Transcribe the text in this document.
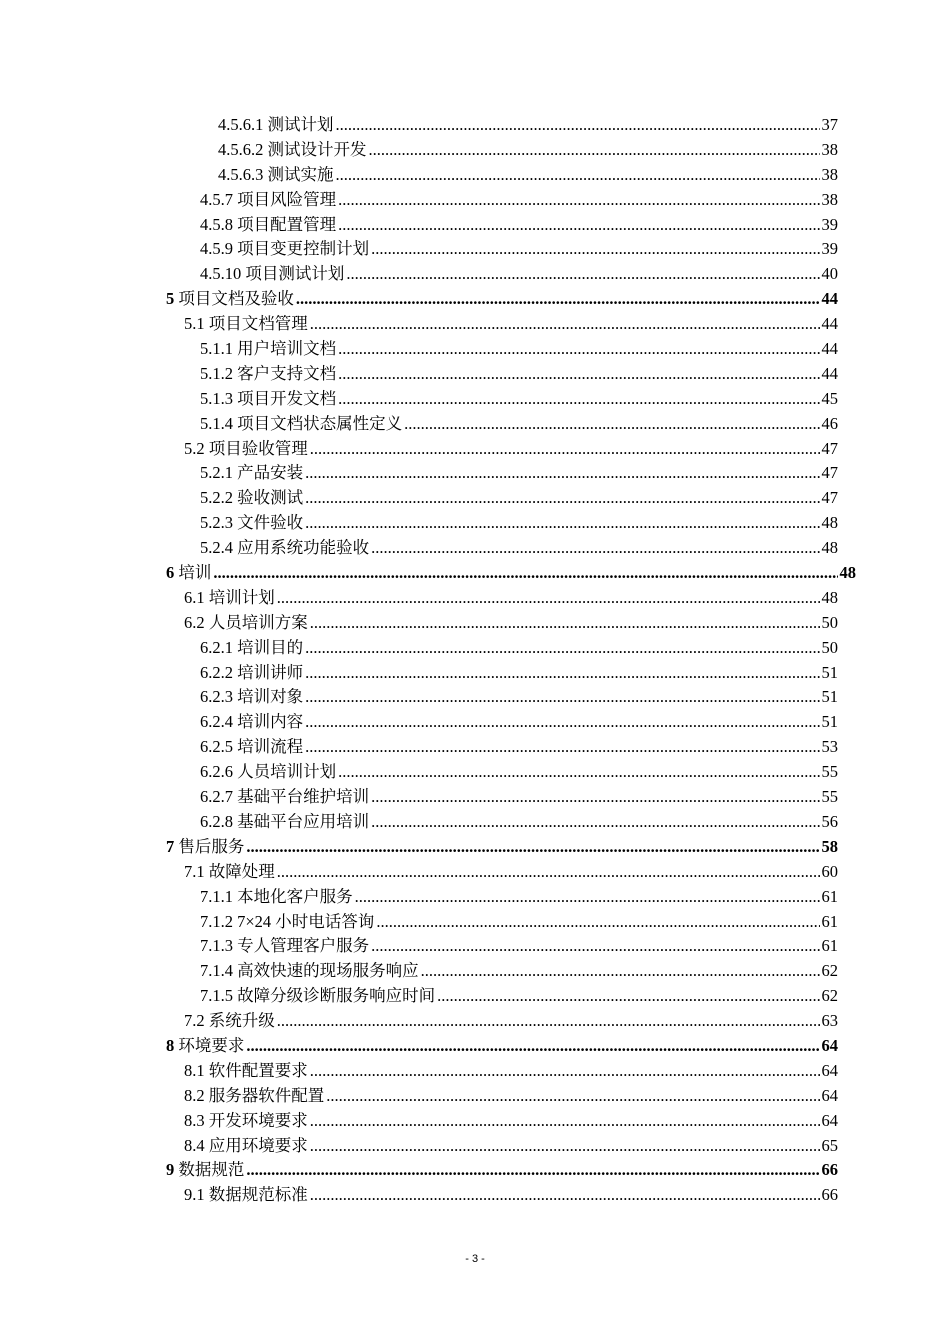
4.5.6.1 测试计划 .....	37
4.5.6.2 测试设计开发 .....	38
4.5.6.3 测试实施 .....	38
4.5.7 项目风险管理 .....	38
4.5.8 项目配置管理 .....	39
4.5.9 项目变更控制计划 .....	39
4.5.10 项目测试计划 .....	40
5 项目文档及验收 .....	44
5.1 项目文档管理 .....	44
5.1.1 用户培训文档 .....	44
5.1.2 客户支持文档 .....	44
5.1.3 项目开发文档 .....	45
5.1.4 项目文档状态属性定义 .....	46
5.2 项目验收管理 .....	47
5.2.1 产品安装 .....	47
5.2.2 验收测试 .....	47
5.2.3 文件验收 .....	48
5.2.4 应用系统功能验收 .....	48
6 培训 .....	48
6.1 培训计划 .....	48
6.2 人员培训方案 .....	50
6.2.1 培训目的 .....	50
6.2.2 培训讲师 .....	51
6.2.3 培训对象 .....	51
6.2.4 培训内容 .....	51
6.2.5 培训流程 .....	53
6.2.6 人员培训计划 .....	55
6.2.7 基础平台维护培训 .....	55
6.2.8 基础平台应用培训 .....	56
7 售后服务 .....	58
7.1 故障处理 .....	60
7.1.1 本地化客户服务 .....	61
7.1.2 7×24 小时电话答询 .....	61
7.1.3 专人管理客户服务 .....	61
7.1.4 高效快速的现场服务响应 .....	62
7.1.5 故障分级诊断服务响应时间 .....	62
7.2 系统升级 .....	63
8 环境要求 .....	64
8.1 软件配置要求 .....	64
8.2 服务器软件配置 .....	64
8.3 开发环境要求 .....	64
8.4 应用环境要求 .....	65
9 数据规范 .....	66
9.1 数据规范标准 .....	66
- 3 -
